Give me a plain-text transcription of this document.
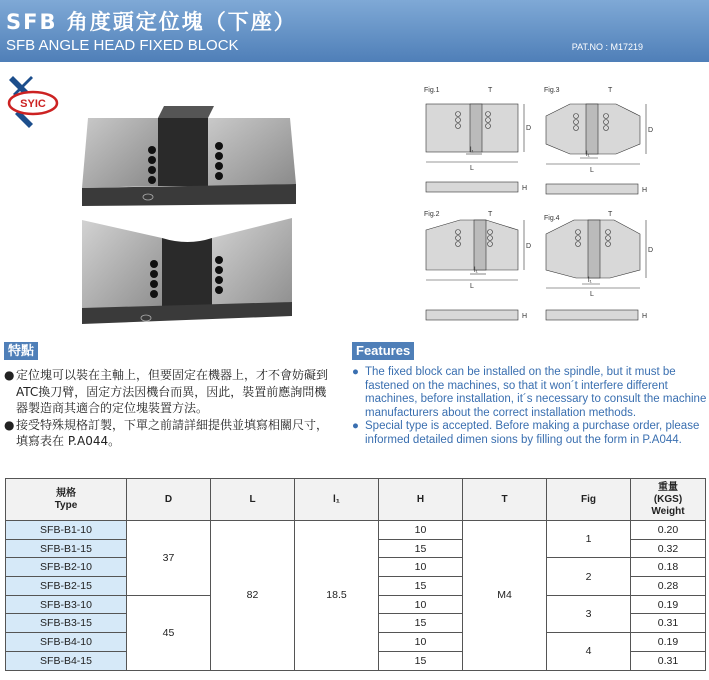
SFB 角度頭定位塊（下座）
SFB ANGLE HEAD FIXED BLOCK	PAT.NO : M17219
SYIC
Fig.1	Fig.3
Fig.2
Fig.4
T	T
T	T
D	D
D
D
L	L
L
L
l₁
l₁
l₁
l₁
H	H
H	H
特點
● 定位塊可以裝在主軸上，但要固定在機器上，才不會妨礙到ATC換刀臂，固定方法因機台而異，因此，裝置前應詢問機器製造商其適合的定位塊裝置方法。
● 接受特殊規格訂製，下單之前請詳細提供並填寫相關尺寸，填寫表在 P.A044。
Features
● The fixed block can be installed on the spindle, but it must be fastened on the machines, so that it won´t interfere different machines, before installation, it´s necessary to consult the machine manufacturers about the correct installation methods.
● Special type is accepted. Before making a purchase order, please informed detailed dimen sions by filling out the form in P.A044.
規格
Type	D	L	l₁	H	T	Fig	重量
(KGS)
Weight
SFB-B1-10	37	82	18.5	10	M4	1	0.20
SFB-B1-15				15			0.32
SFB-B2-10				10		2	0.18
SFB-B2-15				15			0.28
SFB-B3-10	45			10		3	0.19
SFB-B3-15				15			0.31
SFB-B4-10				10		4	0.19
SFB-B4-15				15			0.31
